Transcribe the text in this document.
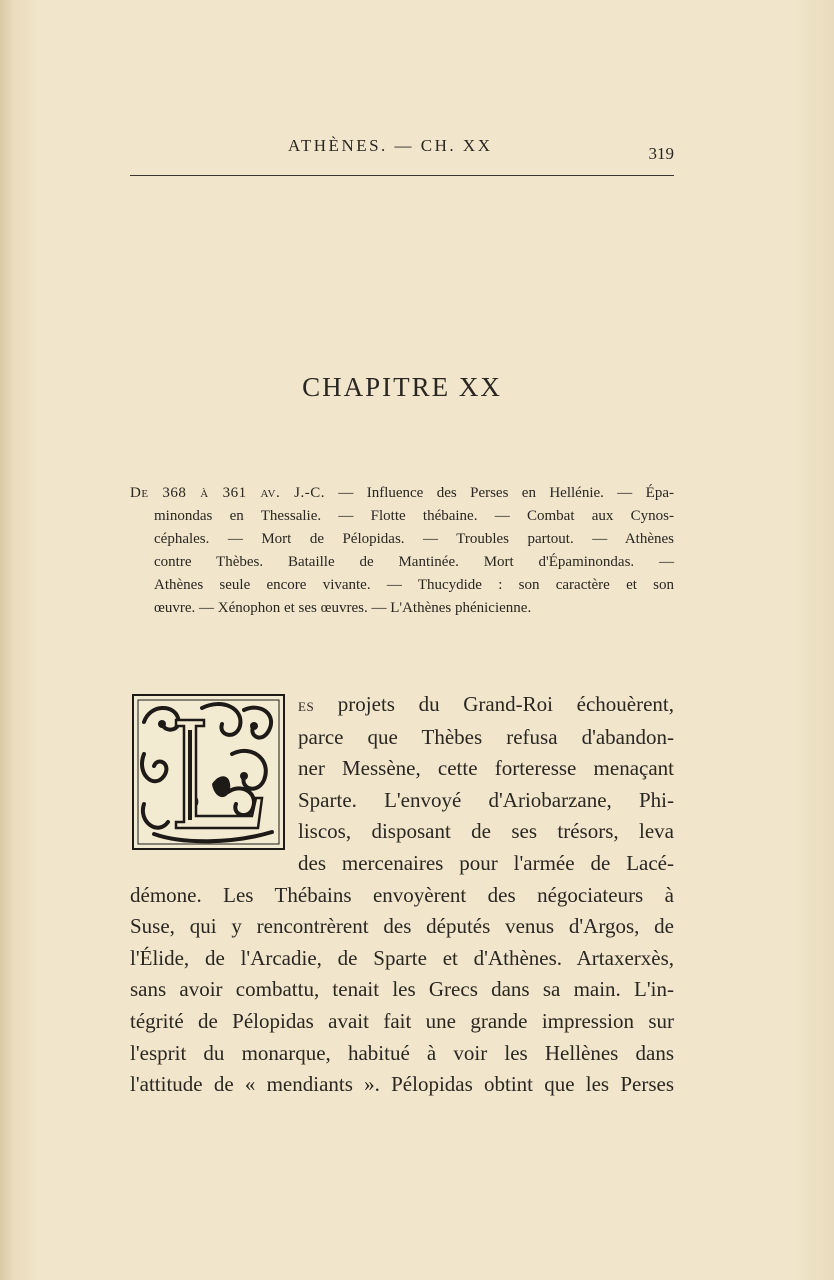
ATHÈNES. — CH. XX	319
CHAPITRE XX
De 368 à 361 av. J.-C. — Influence des Perses en Hellénie. — Épa-
minondas en Thessalie. — Flotte thébaine. — Combat aux Cynos-
céphales. — Mort de Pélopidas. — Troubles partout. — Athènes
contre Thèbes. Bataille de Mantinée. Mort d'Épaminondas. —
Athènes seule encore vivante. — Thucydide : son caractère et son
œuvre. — Xénophon et ses œuvres. — L'Athènes phénicienne.
es projets du Grand-Roi échouèrent,
parce que Thèbes refusa d'abandon-
ner Messène, cette forteresse menaçant
Sparte. L'envoyé d'Ariobarzane, Phi-
liscos, disposant de ses trésors, leva
des mercenaires pour l'armée de Lacé-
démone. Les Thébains envoyèrent des négociateurs à
Suse, qui y rencontrèrent des députés venus d'Argos, de
l'Élide, de l'Arcadie, de Sparte et d'Athènes. Artaxerxès,
sans avoir combattu, tenait les Grecs dans sa main. L'in-
tégrité de Pélopidas avait fait une grande impression sur
l'esprit du monarque, habitué à voir les Hellènes dans
l'attitude de « mendiants ». Pélopidas obtint que les Perses
